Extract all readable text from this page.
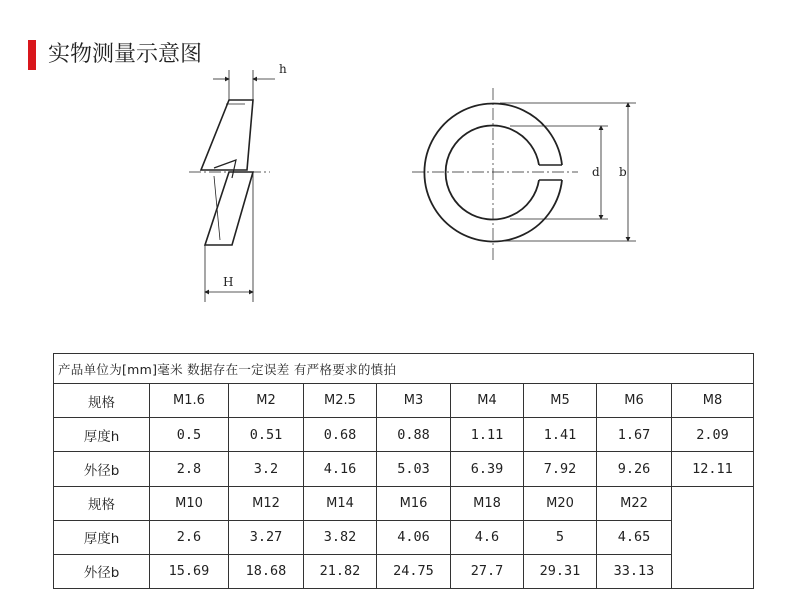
实物测量示意图
h
H
d b
产品单位为[mm]毫米 数据存在一定误差 有严格要求的慎拍								
规格	M1.6	M2	M2.5	M3	M4	M5	M6	M8
厚度h	0.5	0.51	0.68	0.88	1.11	1.41	1.67	2.09
外径b	2.8	3.2	4.16	5.03	6.39	7.92	9.26	12.11
规格	M10	M12	M14	M16	M18	M20	M22	
厚度h	2.6	3.27	3.82	4.06	4.6	5	4.65	
外径b	15.69	18.68	21.82	24.75	27.7	29.31	33.13	
